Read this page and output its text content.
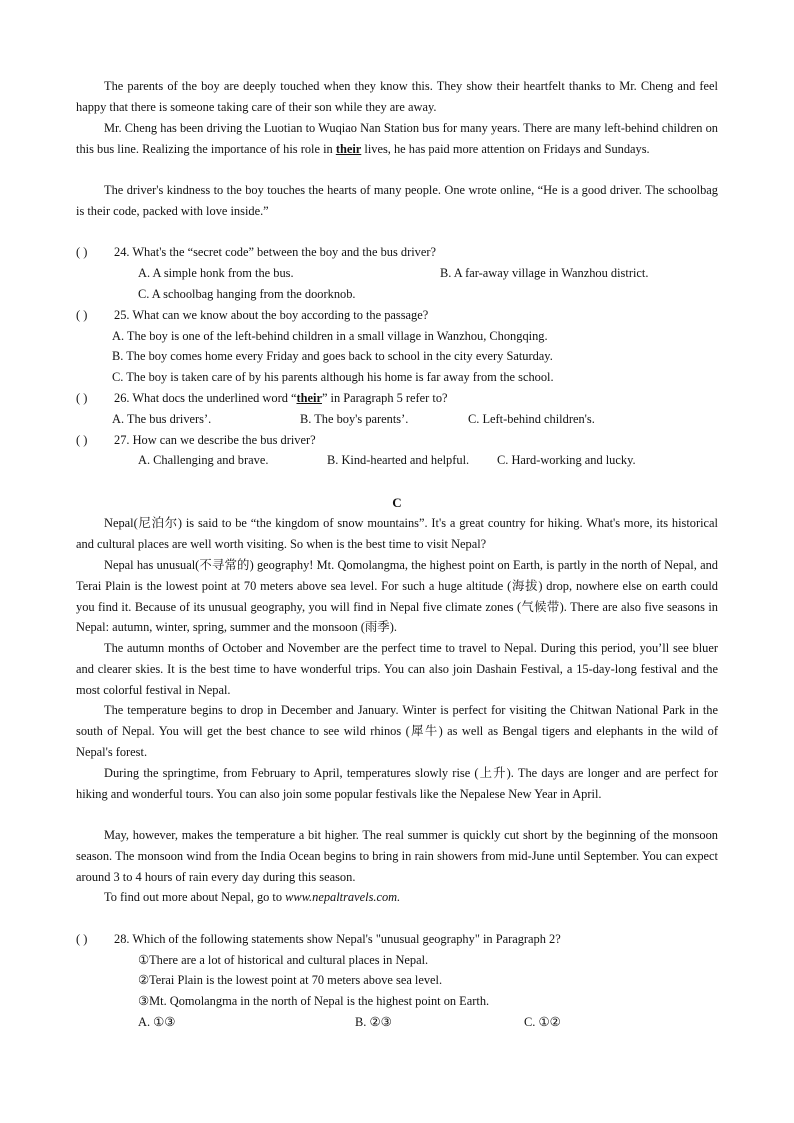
The parents of the boy are deeply touched when they know this. They show their heartfelt thanks to Mr. Cheng and feel happy that there is someone taking care of their son while they are away.

Mr. Cheng has been driving the Luotian to Wuqiao Nan Station bus for many years. There are many left-behind children on this bus line. Realizing the importance of his role in their lives, he has paid more attention on Fridays and Sundays.

The driver's kindness to the boy touches the hearts of many people. One wrote online, “He is a good driver. The schoolbag is their code, packed with love inside.”

( ) 24. What's the “secret code” between the boy and the bus driver?

A. A simple honk from the bus.	B. A far-away village in Wanzhou district.

C. A schoolbag hanging from the doorknob.

( ) 25. What can we know about the boy according to the passage?

A. The boy is one of the left-behind children in a small village in Wanzhou, Chongqing.

B. The boy comes home every Friday and goes back to school in the city every Saturday.

C. The boy is taken care of by his parents although his home is far away from the school.

( ) 26. What docs the underlined word “their” in Paragraph 5 refer to?

A. The bus drivers’.	B. The boy's parents’.	C. Left-behind children's.

( ) 27. How can we describe the bus driver?

A. Challenging and brave.	B. Kind-hearted and helpful. C. Hard-working and lucky.

C

Nepal(尼泊尔) is said to be “the kingdom of snow mountains”. It's a great country for hiking. What's more, its historical and cultural places are well worth visiting. So when is the best time to visit Nepal?

Nepal has unusual(不寻常的) geography! Mt. Qomolangma, the highest point on Earth, is partly in the north of Nepal, and Terai Plain is the lowest point at 70 meters above sea level. For such a huge altitude (海拔) drop, nowhere else on earth could you find it. Because of its unusual geography, you will find in Nepal five climate zones (气候带). There are also five seasons in Nepal: autumn, winter, spring, summer and the monsoon (雨季).

The autumn months of October and November are the perfect time to travel to Nepal. During this period, you’ll see bluer and clearer skies. It is the best time to have wonderful trips. You can also join Dashain Festival, a 15-day-long festival and the most colorful festival in Nepal.

The temperature begins to drop in December and January. Winter is perfect for visiting the Chitwan National Park in the south of Nepal. You will get the best chance to see wild rhinos (犀牛) as well as Bengal tigers and elephants in the wild of Nepal's forest.

During the springtime, from February to April, temperatures slowly rise (上升). The days are longer and are perfect for hiking and wonderful tours. You can also join some popular festivals like the Nepalese New Year in April.

May, however, makes the temperature a bit higher. The real summer is quickly cut short by the beginning of the monsoon season. The monsoon wind from the India Ocean begins to bring in rain showers from mid-June until September. You can expect around 3 to 4 hours of rain every day during this season.

To find out more about Nepal, go to www.nepaltravels.com.

( ) 28. Which of the following statements show Nepal's "unusual geography" in Paragraph 2?

①There are a lot of historical and cultural places in Nepal.

②Terai Plain is the lowest point at 70 meters above sea level.

③Mt. Qomolangma in the north of Nepal is the highest point on Earth.

A. ①③	B. ②③	C. ①②
